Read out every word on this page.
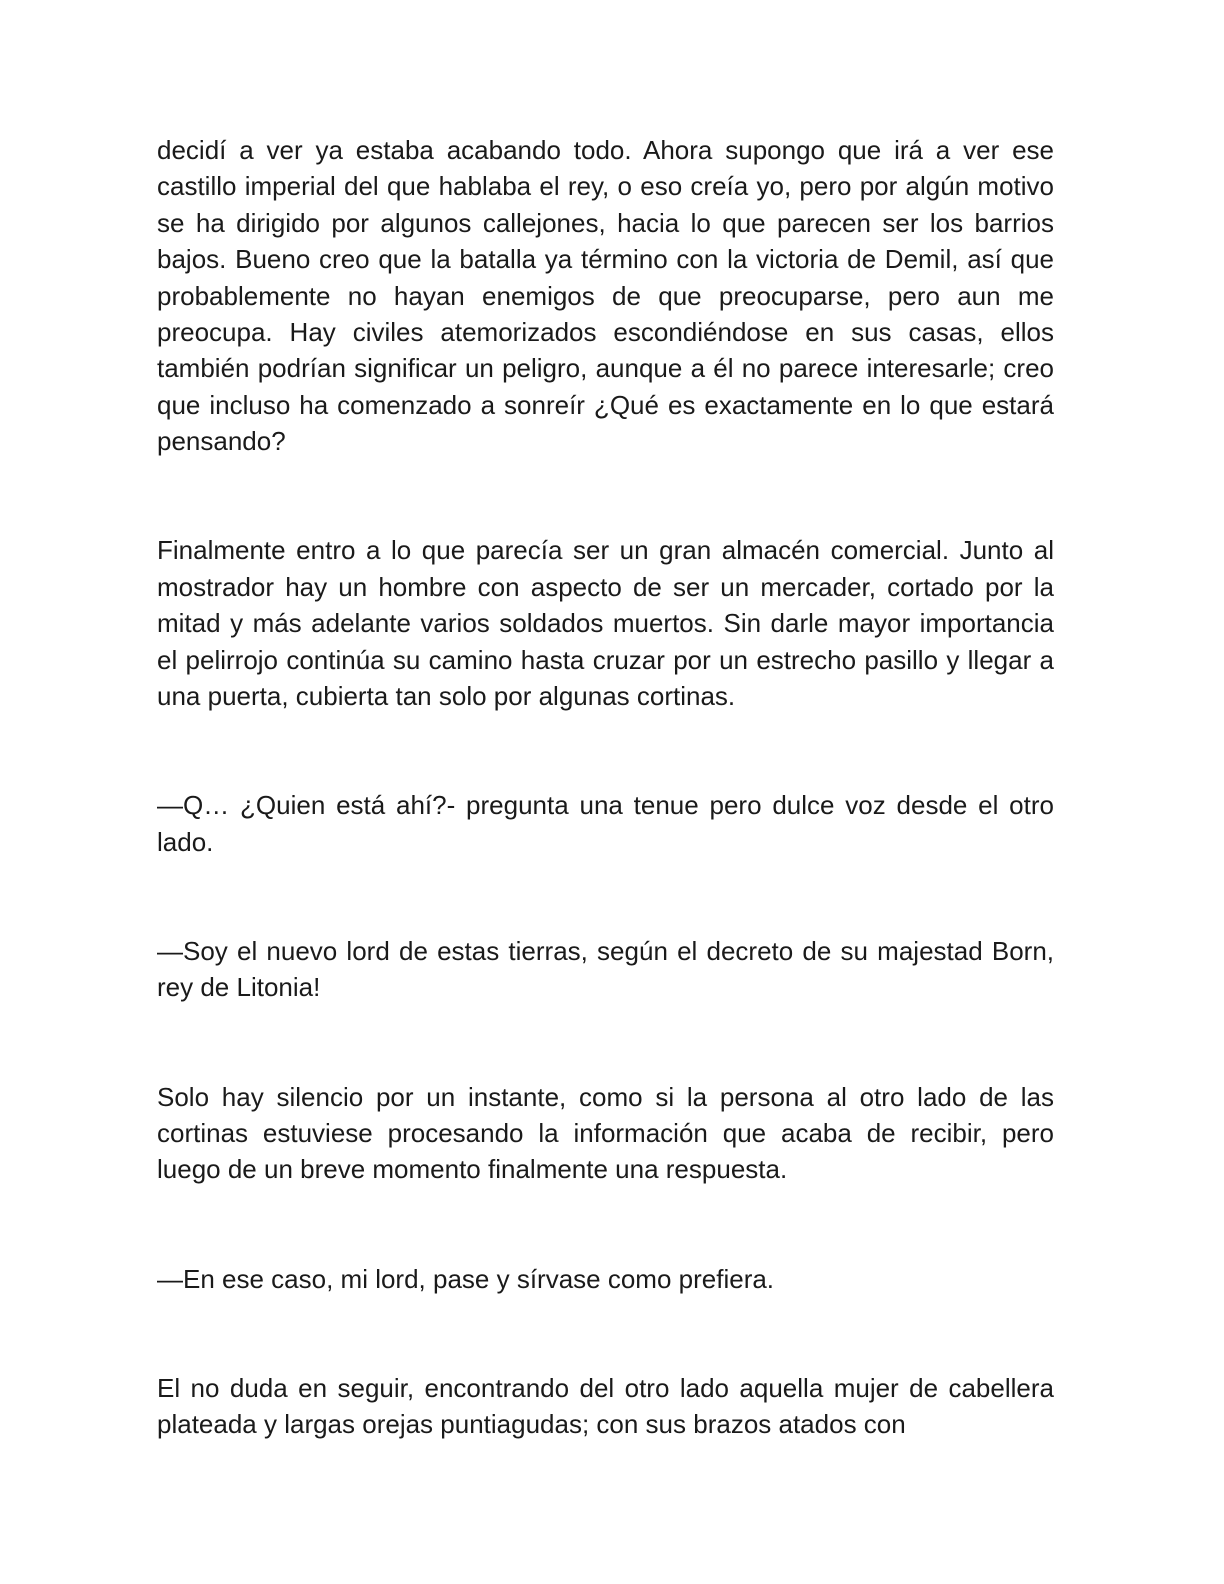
decidí a ver ya estaba acabando todo. Ahora supongo que irá a ver ese castillo imperial del que hablaba el rey, o eso creía yo, pero por algún motivo se ha dirigido por algunos callejones, hacia lo que parecen ser los barrios bajos. Bueno creo que la batalla ya término con la victoria de Demil, así que probablemente no hayan enemigos de que preocuparse, pero aun me preocupa. Hay civiles atemorizados escondiéndose en sus casas, ellos también podrían significar un peligro, aunque a él no parece interesarle; creo que incluso ha comenzado a sonreír ¿Qué es exactamente en lo que estará pensando?

Finalmente entro a lo que parecía ser un gran almacén comercial. Junto al mostrador hay un hombre con aspecto de ser un mercader, cortado por la mitad y más adelante varios soldados muertos. Sin darle mayor importancia el pelirrojo continúa su camino hasta cruzar por un estrecho pasillo y llegar a una puerta, cubierta tan solo por algunas cortinas.

—Q… ¿Quien está ahí?- pregunta una tenue pero dulce voz desde el otro lado.

—Soy el nuevo lord de estas tierras, según el decreto de su majestad Born, rey de Litonia!

Solo hay silencio por un instante, como si la persona al otro lado de las cortinas estuviese procesando la información que acaba de recibir, pero luego de un breve momento finalmente una respuesta.

—En ese caso, mi lord, pase y sírvase como prefiera.

El no duda en seguir, encontrando del otro lado aquella mujer de cabellera plateada y largas orejas puntiagudas; con sus brazos atados con
